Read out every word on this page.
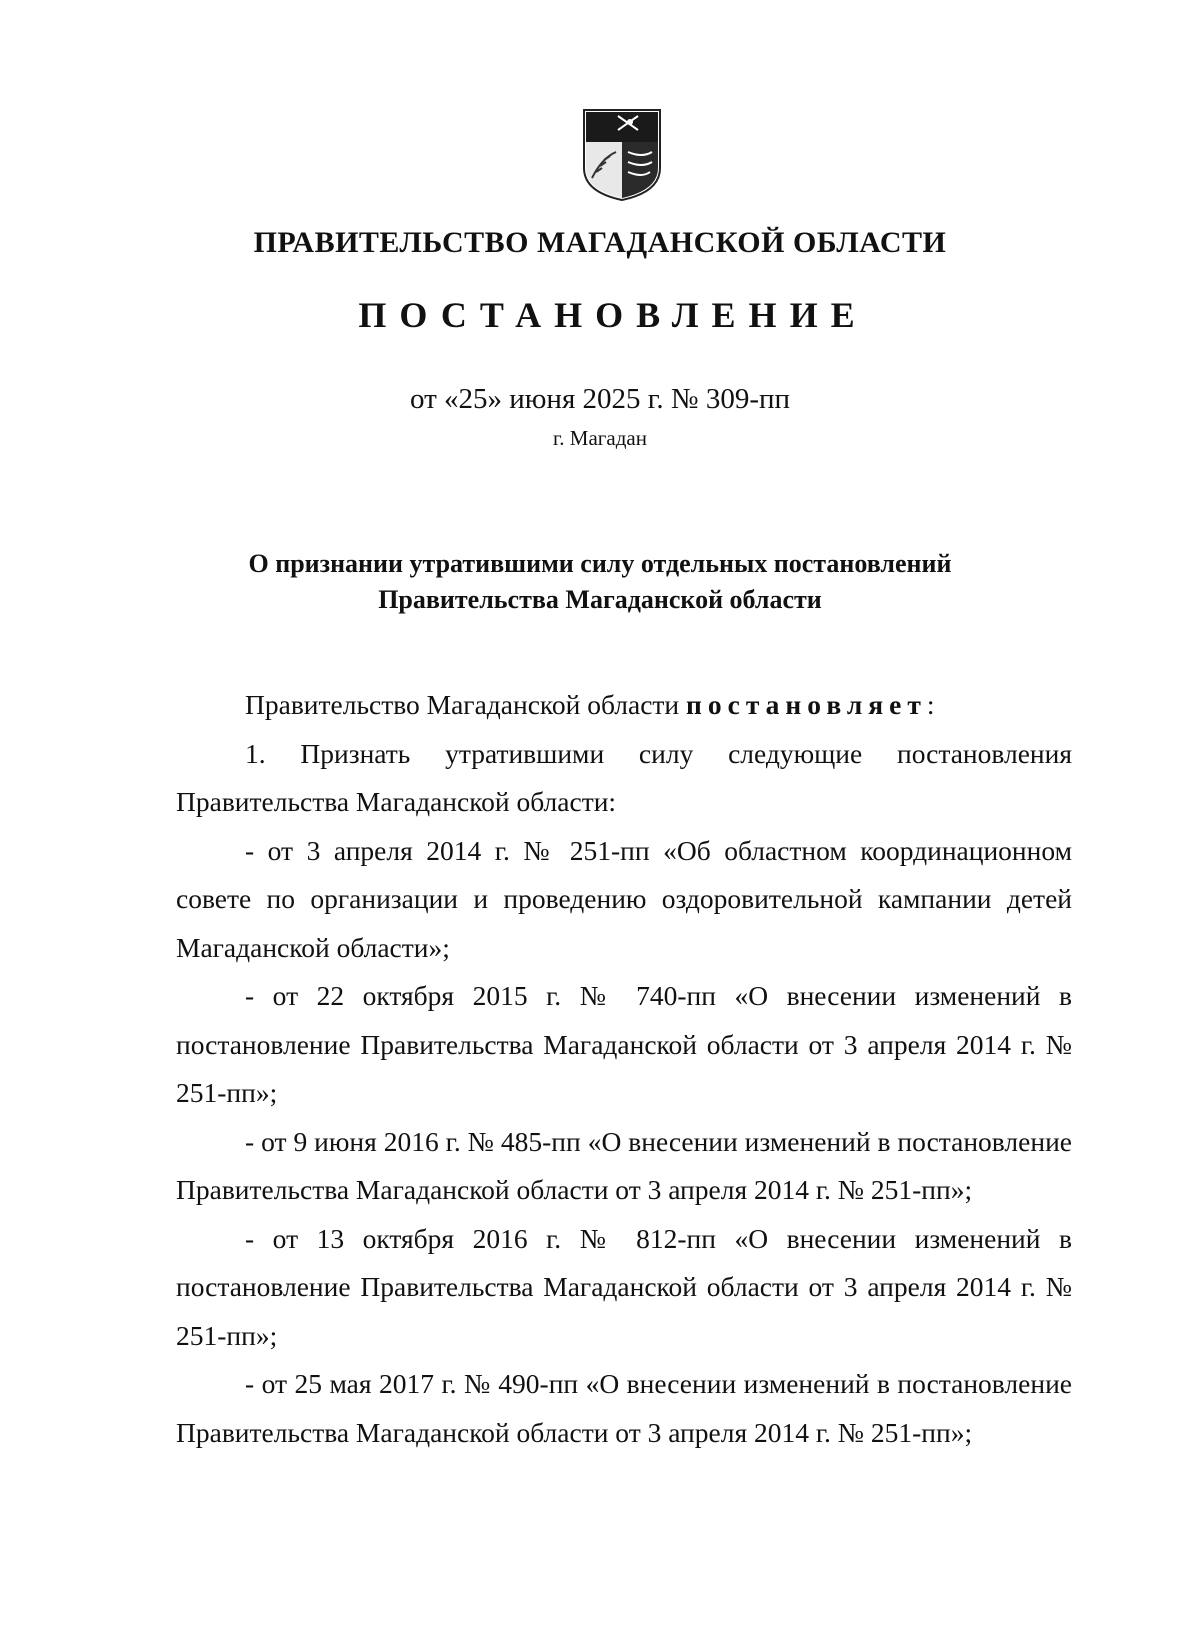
ПРАВИТЕЛЬСТВО МАГАДАНСКОЙ ОБЛАСТИ
ПОСТАНОВЛЕНИЕ
от «25» июня 2025 г. № 309-пп
г. Магадан
О признании утратившими силу отдельных постановлений
Правительства Магаданской области

Правительство Магаданской области постановляет:

1. Признать утратившими силу следующие постановления Правительства Магаданской области:

- от 3 апреля 2014 г. № 251-пп «Об областном координационном совете по организации и проведению оздоровительной кампании детей Магаданской области»;

- от 22 октября 2015 г. № 740-пп «О внесении изменений в постановление Правительства Магаданской области от 3 апреля 2014 г. № 251-пп»;

- от 9 июня 2016 г. № 485-пп «О внесении изменений в постановление Правительства Магаданской области от 3 апреля 2014 г. № 251-пп»;

- от 13 октября 2016 г. № 812-пп «О внесении изменений в постановление Правительства Магаданской области от 3 апреля 2014 г. № 251-пп»;

- от 25 мая 2017 г. № 490-пп «О внесении изменений в постановление Правительства Магаданской области от 3 апреля 2014 г. № 251-пп»;
